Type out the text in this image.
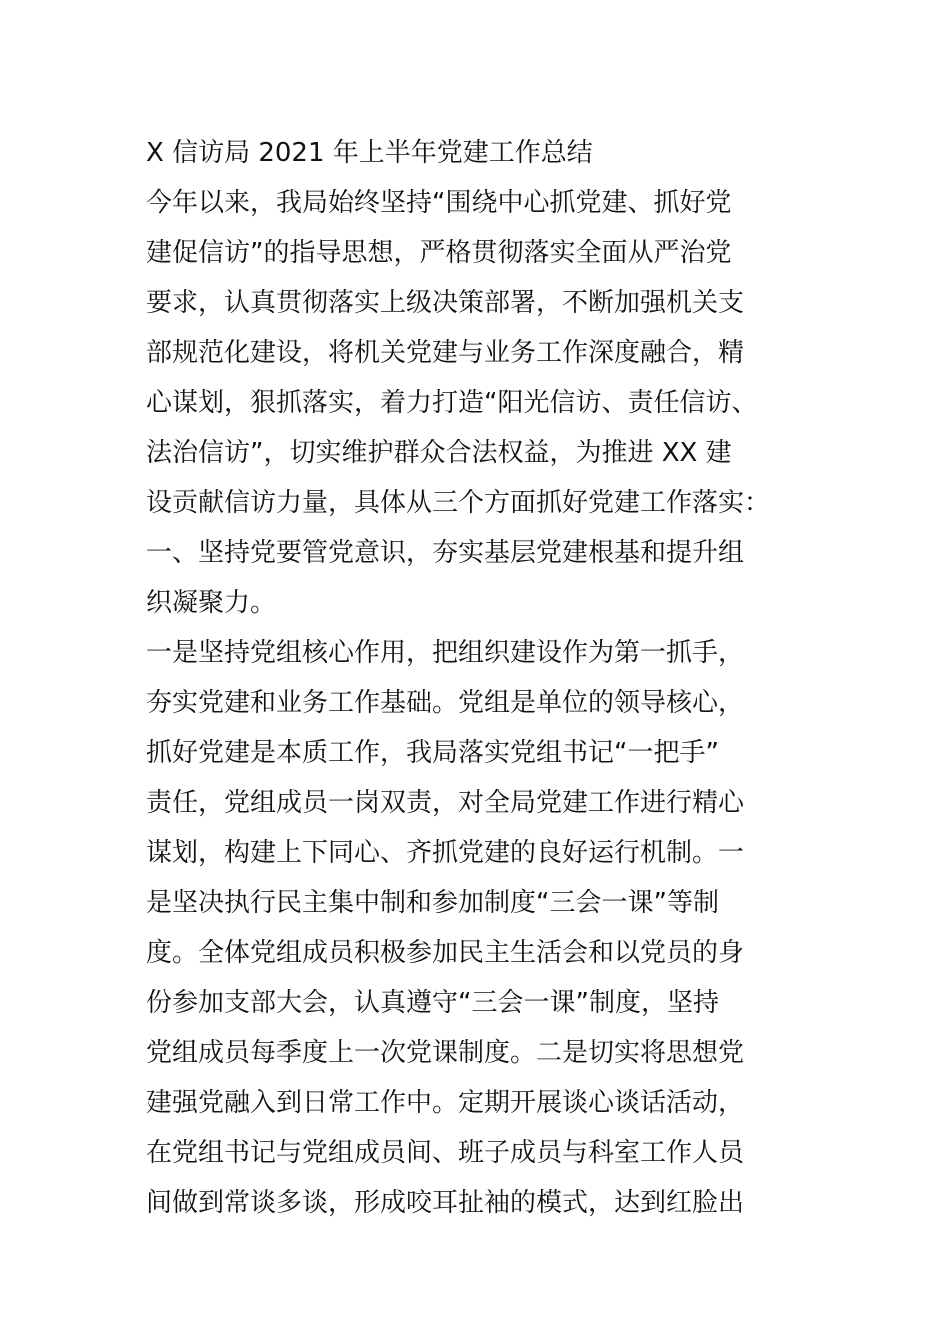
X 信访局 2021 年上半年党建工作总结
今年以来，我局始终坚持“围绕中心抓党建、抓好党
建促信访”的指导思想，严格贯彻落实全面从严治党
要求，认真贯彻落实上级决策部署，不断加强机关支
部规范化建设，将机关党建与业务工作深度融合，精
心谋划，狠抓落实，着力打造“阳光信访、责任信访、
法治信访”，切实维护群众合法权益，为推进 XX 建
设贡献信访力量，具体从三个方面抓好党建工作落实：
一、坚持党要管党意识，夯实基层党建根基和提升组
织凝聚力。
一是坚持党组核心作用，把组织建设作为第一抓手，
夯实党建和业务工作基础。党组是单位的领导核心，
抓好党建是本质工作，我局落实党组书记“一把手”
责任，党组成员一岗双责，对全局党建工作进行精心
谋划，构建上下同心、齐抓党建的良好运行机制。一
是坚决执行民主集中制和参加制度“三会一课”等制
度。全体党组成员积极参加民主生活会和以党员的身
份参加支部大会，认真遵守“三会一课”制度，坚持
党组成员每季度上一次党课制度。二是切实将思想党
建强党融入到日常工作中。定期开展谈心谈话活动，
在党组书记与党组成员间、班子成员与科室工作人员
间做到常谈多谈，形成咬耳扯袖的模式，达到红脸出
